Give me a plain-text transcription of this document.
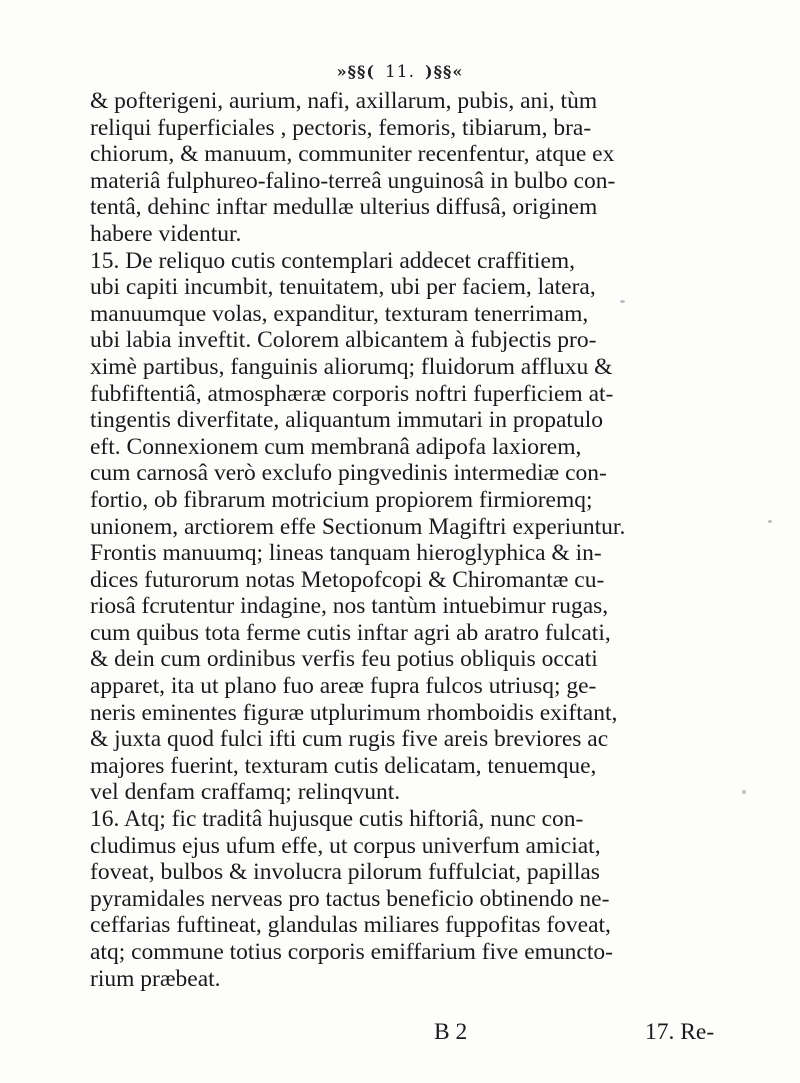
»§§( 11. )§§«
& pofterigeni, aurium, nafi, axillarum, pubis, ani, tùm
reliqui fuperficiales , pectoris, femoris, tibiarum, bra-
chiorum, & manuum, communiter recenfentur, atque ex
materiâ fulphureo-falino-terreâ unguinosâ in bulbo con-
tentâ, dehinc inftar medullæ ulterius diffusâ, originem
habere videntur.
15. De reliquo cutis contemplari addecet craffitiem,
ubi capiti incumbit, tenuitatem, ubi per faciem, latera,
manuumque volas, expanditur, texturam tenerrimam,
ubi labia inveftit. Colorem albicantem à fubjectis pro-
ximè partibus, fanguinis aliorumq; fluidorum affluxu &
fubfiftentiâ, atmosphæræ corporis noftri fuperficiem at-
tingentis diverfitate, aliquantum immutari in propatulo
eft. Connexionem cum membranâ adipofa laxiorem,
cum carnosâ verò exclufo pingvedinis intermediæ con-
fortio, ob fibrarum motricium propiorem firmioremq;
unionem, arctiorem effe Sectionum Magiftri experiuntur.
Frontis manuumq; lineas tanquam hieroglyphica & in-
dices futurorum notas Metopofcopi & Chiromantæ cu-
riosâ fcrutentur indagine, nos tantùm intuebimur rugas,
cum quibus tota ferme cutis inftar agri ab aratro fulcati,
& dein cum ordinibus verfis feu potius obliquis occati
apparet, ita ut plano fuo areæ fupra fulcos utriusq; ge-
neris eminentes figuræ utplurimum rhomboidis exiftant,
& juxta quod fulci ifti cum rugis five areis breviores ac
majores fuerint, texturam cutis delicatam, tenuemque,
vel denfam craffamq; relinqvunt.
16. Atq; fic traditâ hujusque cutis hiftoriâ, nunc con-
cludimus ejus ufum effe, ut corpus univerfum amiciat,
foveat, bulbos & involucra pilorum fuffulciat, papillas
pyramidales nerveas pro tactus beneficio obtinendo ne-
ceffarias fuftineat, glandulas miliares fuppofitas foveat,
atq; commune totius corporis emiffarium five emuncto-
rium præbeat.
B 2	17. Re-
